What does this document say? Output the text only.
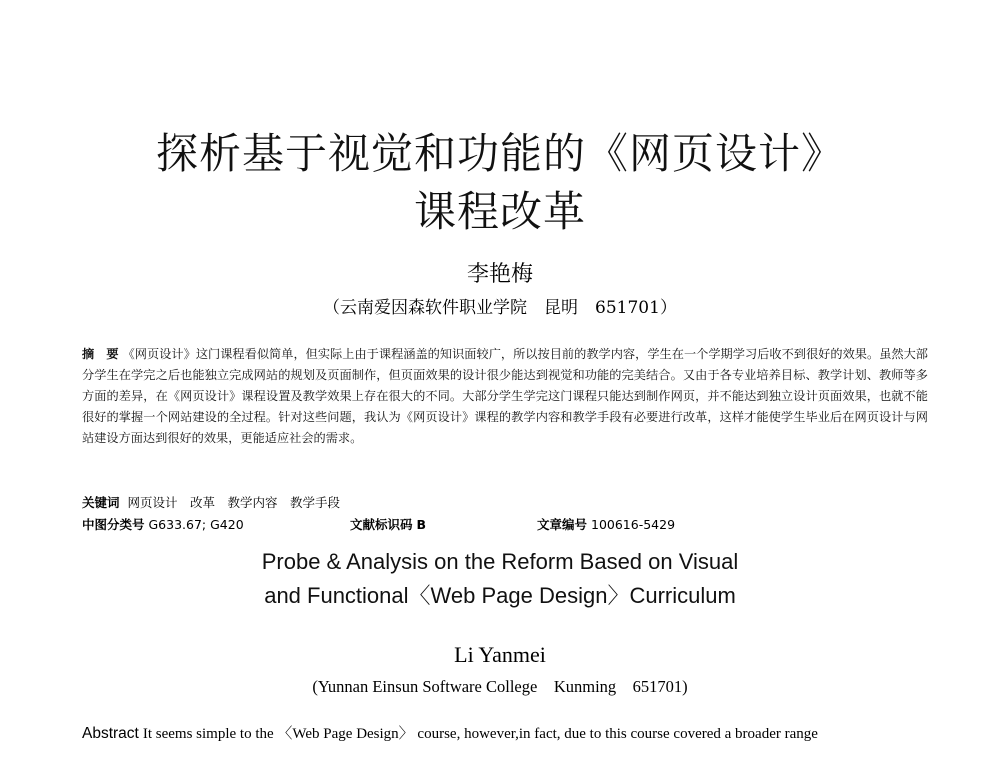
探析基于视觉和功能的《网页设计》
课程改革
李艳梅
（云南爱因森软件职业学院　昆明　651701）
摘　要 《网页设计》这门课程看似简单，但实际上由于课程涵盖的知识面较广，所以按目前的教学内容，学生在一个学期学习后收不到很好的效果。虽然大部分学生在学完之后也能独立完成网站的规划及页面制作，但页面效果的设计很少能达到视觉和功能的完美结合。又由于各专业培养目标、教学计划、教师等多方面的差异，在《网页设计》课程设置及教学效果上存在很大的不同。大部分学生学完这门课程只能达到制作网页，并不能达到独立设计页面效果，也就不能很好的掌握一个网站建设的全过程。针对这些问题，我认为《网页设计》课程的教学内容和教学手段有必要进行改革，这样才能使学生毕业后在网页设计与网站建设方面达到很好的效果，更能适应社会的需求。
关键词 网页设计　改革　教学内容　教学手段
中图分类号 G633.67; G420	文献标识码 B	文章编号 100616-5429
Probe & Analysis on the Reform Based on Visual
and Functional〈Web Page Design〉Curriculum
Li Yanmei
(Yunnan Einsun Software College　Kunming　651701)
Abstract It seems simple to the 〈Web Page Design〉 course, however,in fact, due to this course covered a broader range
